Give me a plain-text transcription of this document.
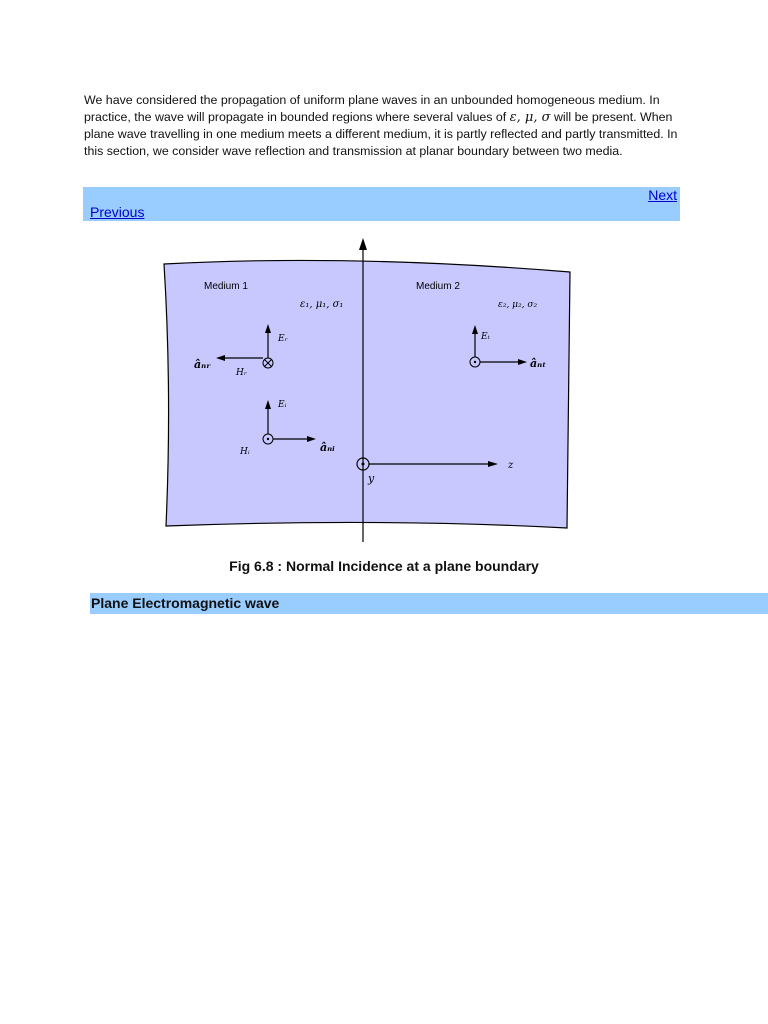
We have considered the propagation of uniform plane waves in an unbounded homogeneous medium. In practice, the wave will propagate in bounded regions where several values of ε, μ, σ will be present. When plane wave travelling in one medium meets a different medium, it is partly reflected and partly transmitted. In this section, we consider wave reflection and transmission at planar boundary between two media.

Next
Previous
Medium 1	Medium 2
ε₁, μ₁, σ₁	ε₂, μ₂, σ₂
Eᵣ
Hᵣ
âₙᵣ
Eᵢ
Hᵢ	âₙᵢ
Eₜ
âₙₜ
y
z
Fig 6.8 : Normal Incidence at a plane boundary
Plane Electromagnetic wave
